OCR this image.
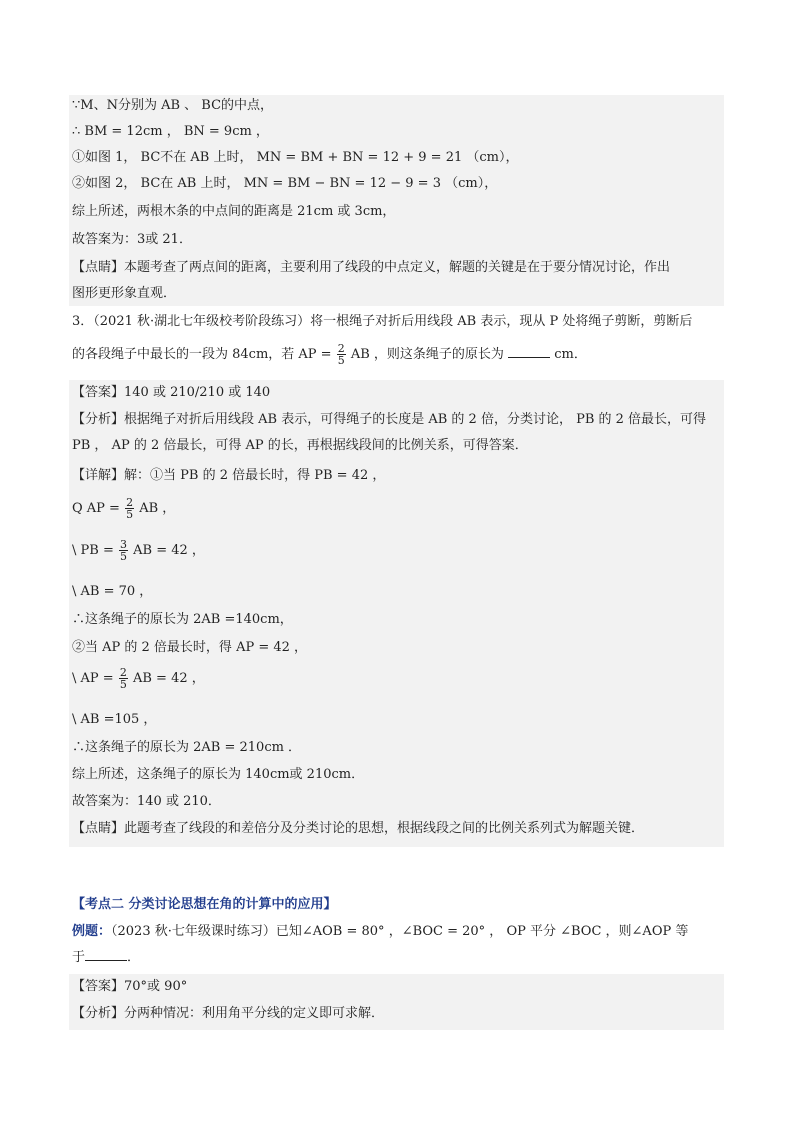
∵M、N分别为 AB 、 BC的中点，
∴ BM = 12cm ， BN = 9cm ，
①如图 1， BC不在 AB 上时， MN = BM + BN = 12 + 9 = 21 （cm），
②如图 2， BC在 AB 上时， MN = BM − BN = 12 − 9 = 3 （cm），
综上所述，两根木条的中点间的距离是 21cm 或 3cm，
故答案为：3或 21．
【点睛】本题考查了两点间的距离，主要利用了线段的中点定义，解题的关键是在于要分情况讨论，作出
图形更形象直观．
3．（2021 秋·湖北七年级校考阶段练习）将一根绳子对折后用线段 AB 表示，现从 P 处将绳子剪断，剪断后
的各段绳子中最长的一段为 84cm，若 AP = $\frac{2}{5}$ AB ，则这条绳子的原长为	cm．
【答案】140 或 210/210 或 140
【分析】根据绳子对折后用线段 AB 表示，可得绳子的长度是 AB 的 2 倍，分类讨论， PB 的 2 倍最长，可得
PB ， AP 的 2 倍最长，可得 AP 的长，再根据线段间的比例关系，可得答案．
【详解】解：①当 PB 的 2 倍最长时，得 PB = 42 ，
Q AP = $\frac{2}{5}$ AB ，
\ PB = $\frac{3}{5}$ AB = 42 ，
\ AB = 70 ，
∴这条绳子的原长为 2AB =140cm，
②当 AP 的 2 倍最长时，得 AP = 42 ，
\ AP = $\frac{2}{5}$ AB = 42 ，
\ AB =105 ，
∴这条绳子的原长为 2AB = 210cm ．
综上所述，这条绳子的原长为 140cm或 210cm．
故答案为：140 或 210．
【点睛】此题考查了线段的和差倍分及分类讨论的思想，根据线段之间的比例关系列式为解题关键．
【考点二 分类讨论思想在角的计算中的应用】
例题：（2023 秋·七年级课时练习）已知∠AOB = 80° ，∠BOC = 20° ， OP 平分 ∠BOC ，则∠AOP 等
于	．
【答案】70°或 90°
【分析】分两种情况：利用角平分线的定义即可求解．
